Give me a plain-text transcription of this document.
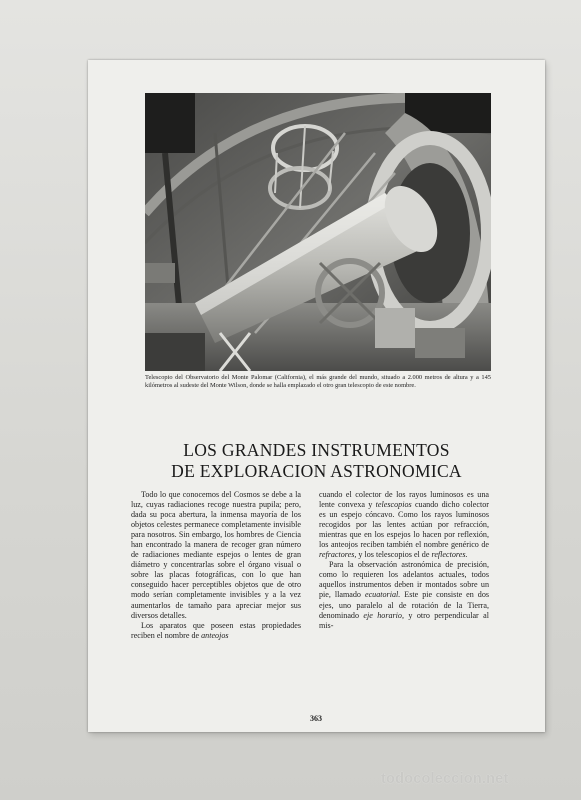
Telescopio del Observatorio del Monte Palomar (California), el más grande del mundo, situado a 2.000 metros de altura y a 145 kilómetros al sudeste del Monte Wilson, donde se halla emplazado el otro gran telescopio de este nombre.
LOS GRANDES INSTRUMENTOS
DE EXPLORACION ASTRONOMICA

Todo lo que conocemos del Cosmos se debe a la luz, cuyas radiaciones recoge nuestra pupila; pero, dada su poca abertura, la inmensa mayoría de los objetos celestes permanece completamente invisible para nosotros. Sin embargo, los hombres de Ciencia han encontrado la manera de recoger gran número de radiaciones mediante espejos o lentes de gran diámetro y concentrarlas sobre el órgano visual o sobre las placas fotográficas, con lo que han conseguido hacer perceptibles objetos que de otro modo serían completamente invisibles y a la vez aumentarlos de tamaño para apreciar mejor sus diversos detalles.

Los aparatos que poseen estas propiedades reciben el nombre de anteojos

cuando el colector de los rayos luminosos es una lente convexa y telescopios cuando dicho colector es un espejo cóncavo. Como los rayos luminosos recogidos por las lentes actúan por refracción, mientras que en los espejos lo hacen por reflexión, los anteojos reciben también el nombre genérico de refractores, y los telescopios el de reflectores.

Para la observación astronómica de precisión, como lo requieren los adelantos actuales, todos aquellos instrumentos deben ir montados sobre un pie, llamado ecuatorial. Este pie consiste en dos ejes, uno paralelo al de rotación de la Tierra, denominado eje horario, y otro perpendicular al mis-

363
todocoleccion.net
